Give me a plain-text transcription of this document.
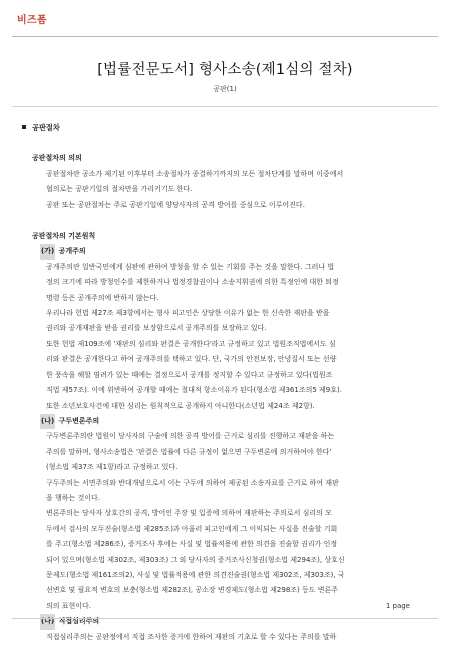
비즈폼
[법률전문도서] 형사소송(제1심의 절차)
공판(1)
공판절차
공판절차의 의의
공판절차란 공소가 제기된 이후부터 소송절차가 종결하기까지의 모든 절차단계를 말하며 이중에서
협의로는 공판기일의 절차만을 가리키기도 한다.
공판 또는 공판절차는 주로 공판기일에 양당사자의 공격 방어를 중심으로 이루어진다.
공판절차의 기본원칙
(가) 공개주의
공개주의란 일반국민에게 심판에 관하여 방청을 할 수 있는 기회를 주는 것을 말한다. 그러나 법
정의 크기에 따라 방청인수를 제한하거나 법정경찰권이나 소송지휘권에 의한 특정인에 대한 퇴정
명령 등은 공개주의에 반하지 않는다.
우리나라 헌법 제27조 제3항에서는 형사 피고인은 상당한 이유가 없는 한 신속한 재판을 받을
권리와 공개재판을 받을 권리를 보장함으로서 공개주의를 보장하고 있다.
또한 헌법 제109조에 '재판의 심리와 판결은 공개한다'라고 규정하고 있고 법원조직법에서도 심
리와 판결은 공개한다고 하여 공개주의를 택하고 있다. 단, 국가의 안전보장, 안녕질서 또는 선량
한 풍속을 해할 염려가 있는 때에는 결정으로서 공개를 정지할 수 있다고 규정하고 있다(법원조
직법 제57조). 이에 위반하여 공개할 때에는 절대적 항소이유가 된다(형소법 제361조의5 제9호).
또한 소년보호사건에 대한 심리는 원칙적으로 공개하지 아니한다(소년법 제24조 제2항).
(나) 구두변론주의
구두변론주의란 법원이 당사자의 구술에 의한 공격 방어를 근거로 심리를 진행하고 재판을 하는
주의를 말하며, 형사소송법은 '판결은 법률에 다른 규정이 없으면 구두변론에 의거하여야 한다'
(형소법 제37조 제1항)라고 규정하고 있다.
구두주의는 서면주의와 반대개념으로서 이는 구두에 의하여 제공된 소송자료를 근거로 하여 재판
을 행하는 것이다.
변론주의는 당사자 상호간의 공격, 방어인 주장 및 입증에 의하여 재판하는 주의로서 심리의 모
두에서 검사의 모두진술(형소법 제285조)과 아울러 피고인에게 그 이익되는 사실을 진술할 기회
를 주고(형소법 제286조), 증거조사 후에는 사실 및 법률적용에 관한 의견을 진술할 권리가 인정
되어 있으며(형소법 제302조, 제303조) 그 외 당사자의 증거조사신청권(형소법 제294조), 상호신
문제도(형소법 제161조의2), 사실 및 법률적용에 관한 의견진술권(형소법 제302조, 제303조), 국
선변호 및 필요적 변호의 보충(형소법 제282조), 공소장 변경제도(형소법 제298조) 등도 변론주
의의 표현이다.
(다) 직접심리주의
직접심리주의는 공판정에서 직접 조사한 증거에 한하여 재판의 기초로 할 수 있다는 주의를 말하
1 page
